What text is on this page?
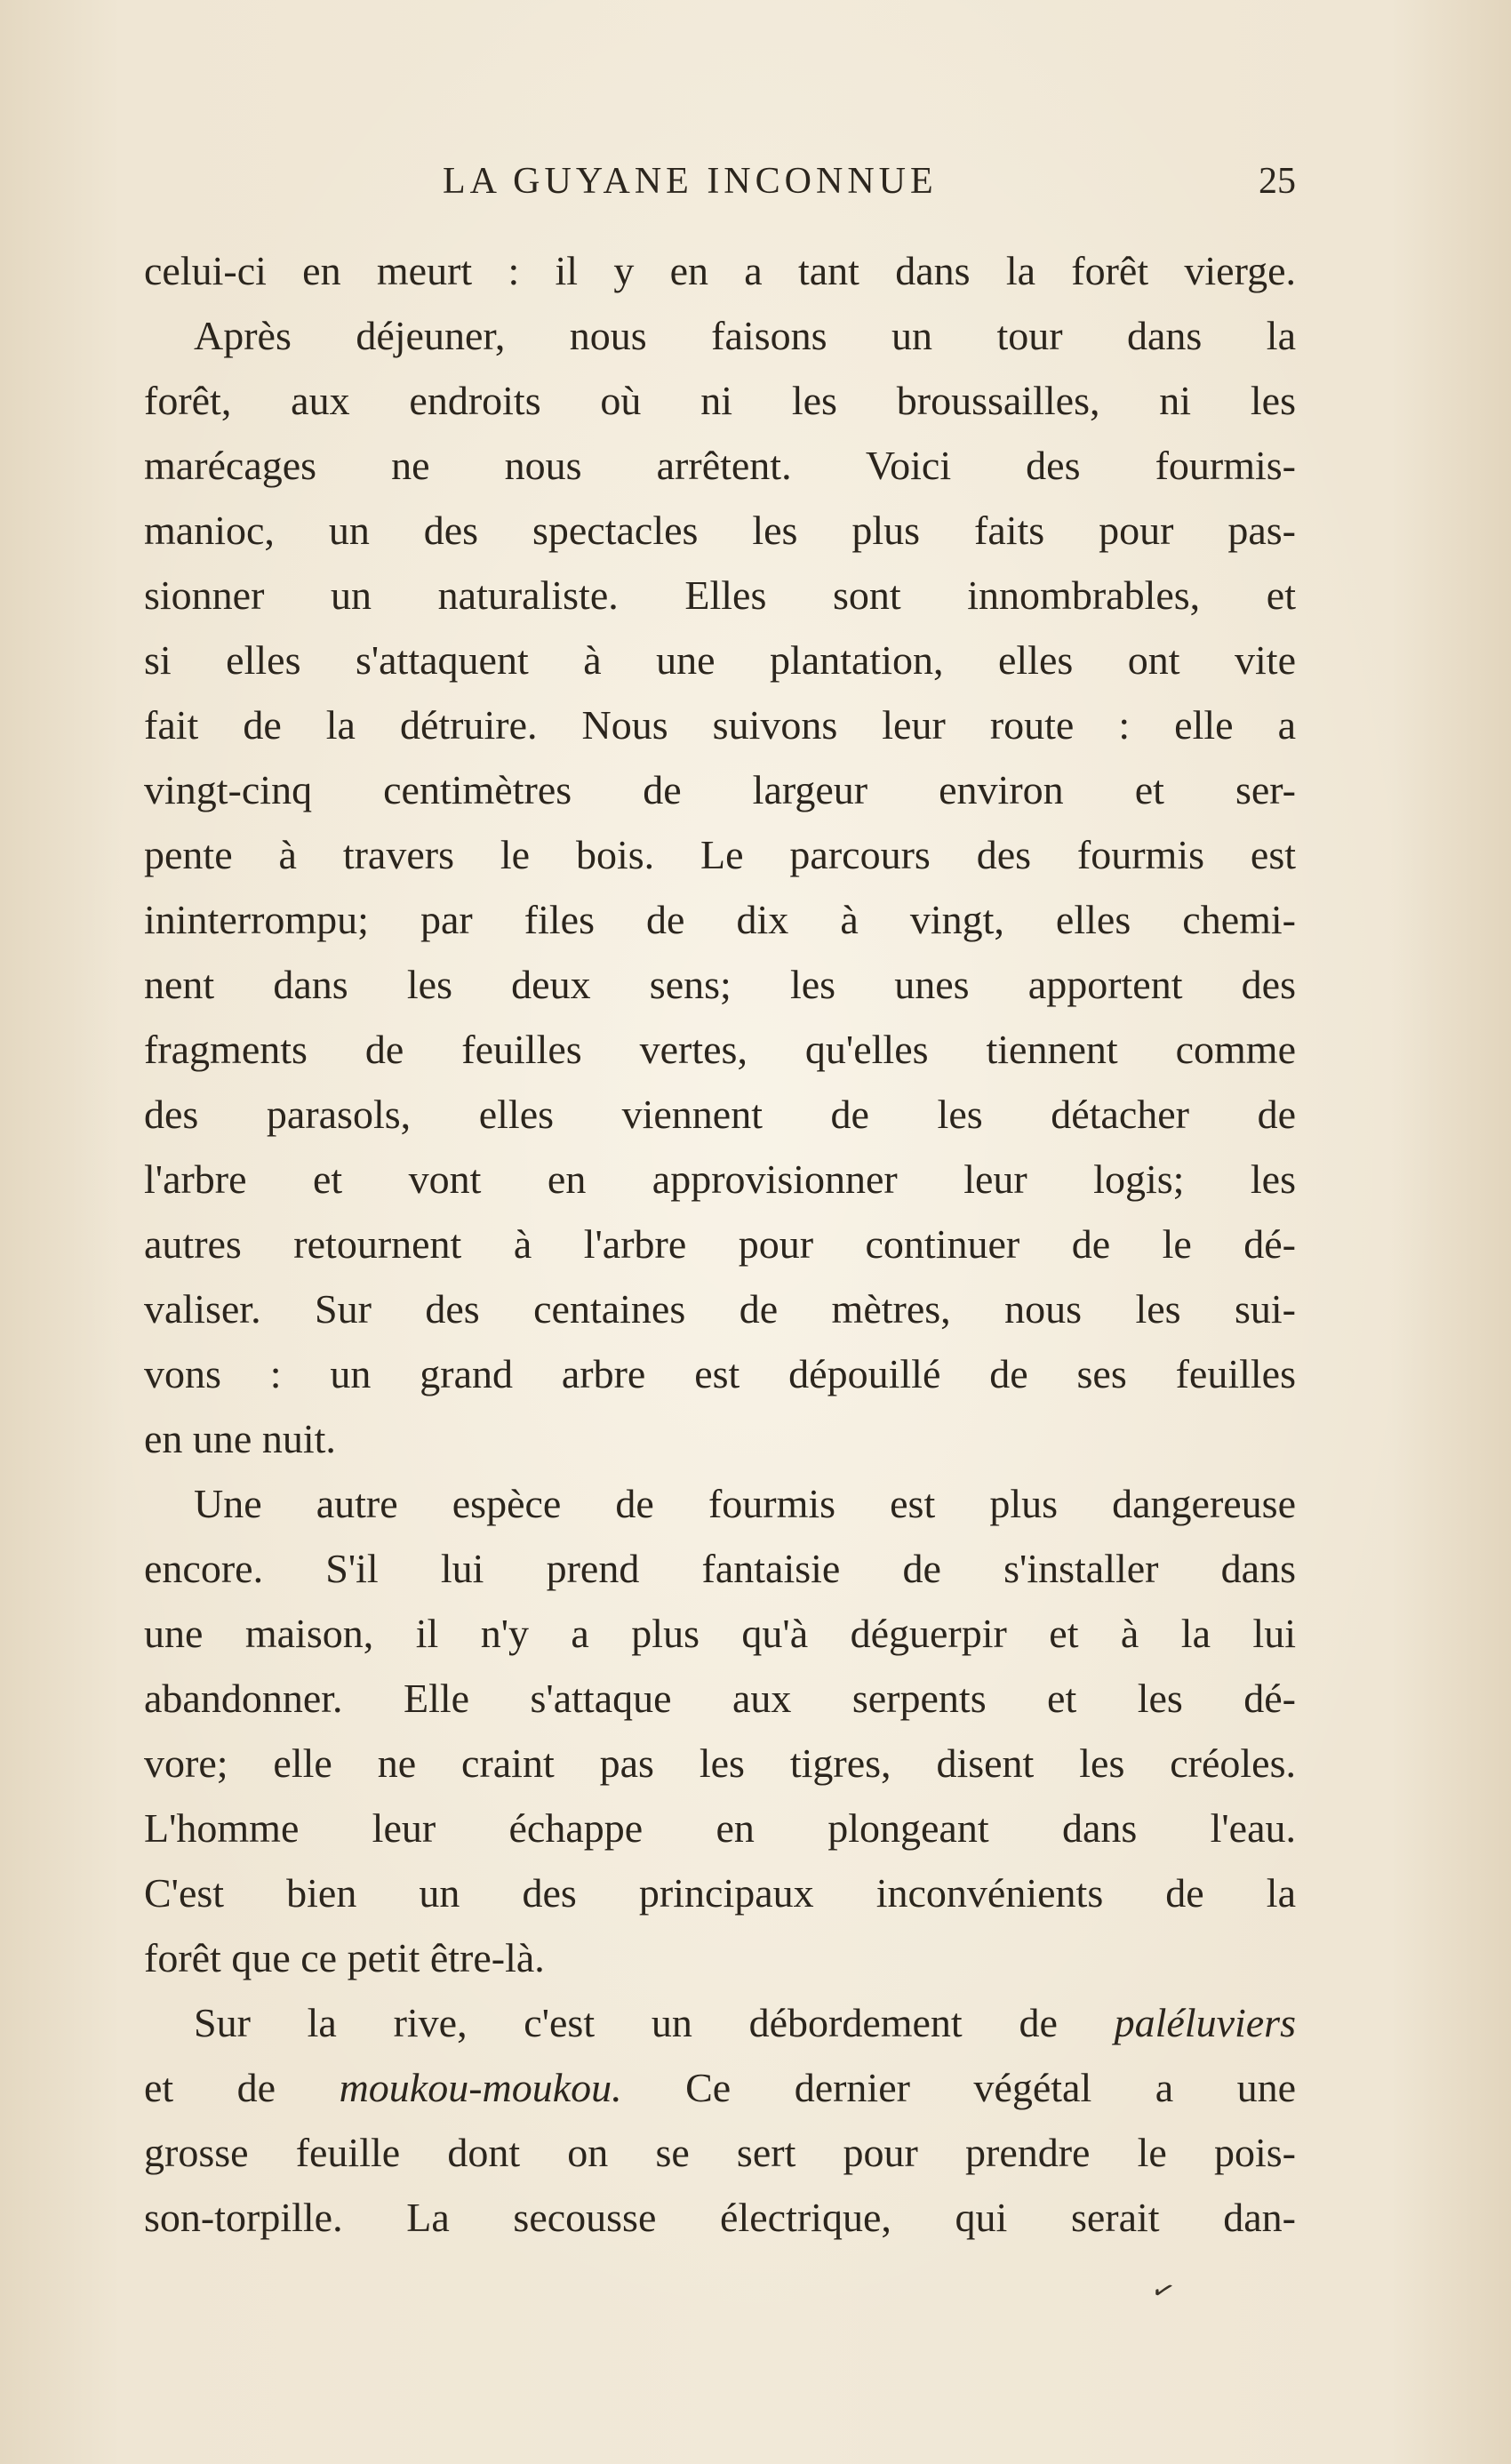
LA GUYANE INCONNUE	25
celui-ci en meurt : il y en a tant dans la forêt vierge.
Après déjeuner, nous faisons un tour dans la
forêt, aux endroits où ni les broussailles, ni les
marécages ne nous arrêtent. Voici des fourmis-
manioc, un des spectacles les plus faits pour pas-
sionner un naturaliste. Elles sont innombrables, et
si elles s'attaquent à une plantation, elles ont vite
fait de la détruire. Nous suivons leur route : elle a
vingt-cinq centimètres de largeur environ et ser-
pente à travers le bois. Le parcours des fourmis est
ininterrompu; par files de dix à vingt, elles chemi-
nent dans les deux sens; les unes apportent des
fragments de feuilles vertes, qu'elles tiennent comme
des parasols, elles viennent de les détacher de
l'arbre et vont en approvisionner leur logis; les
autres retournent à l'arbre pour continuer de le dé-
valiser. Sur des centaines de mètres, nous les sui-
vons : un grand arbre est dépouillé de ses feuilles
en une nuit.
Une autre espèce de fourmis est plus dangereuse
encore. S'il lui prend fantaisie de s'installer dans
une maison, il n'y a plus qu'à déguerpir et à la lui
abandonner. Elle s'attaque aux serpents et les dé-
vore; elle ne craint pas les tigres, disent les créoles.
L'homme leur échappe en plongeant dans l'eau.
C'est bien un des principaux inconvénients de la
forêt que ce petit être-là.
Sur la rive, c'est un débordement de paléluviers
et de moukou-moukou. Ce dernier végétal a une
grosse feuille dont on se sert pour prendre le pois-
son-torpille. La secousse électrique, qui serait dan-
✓
